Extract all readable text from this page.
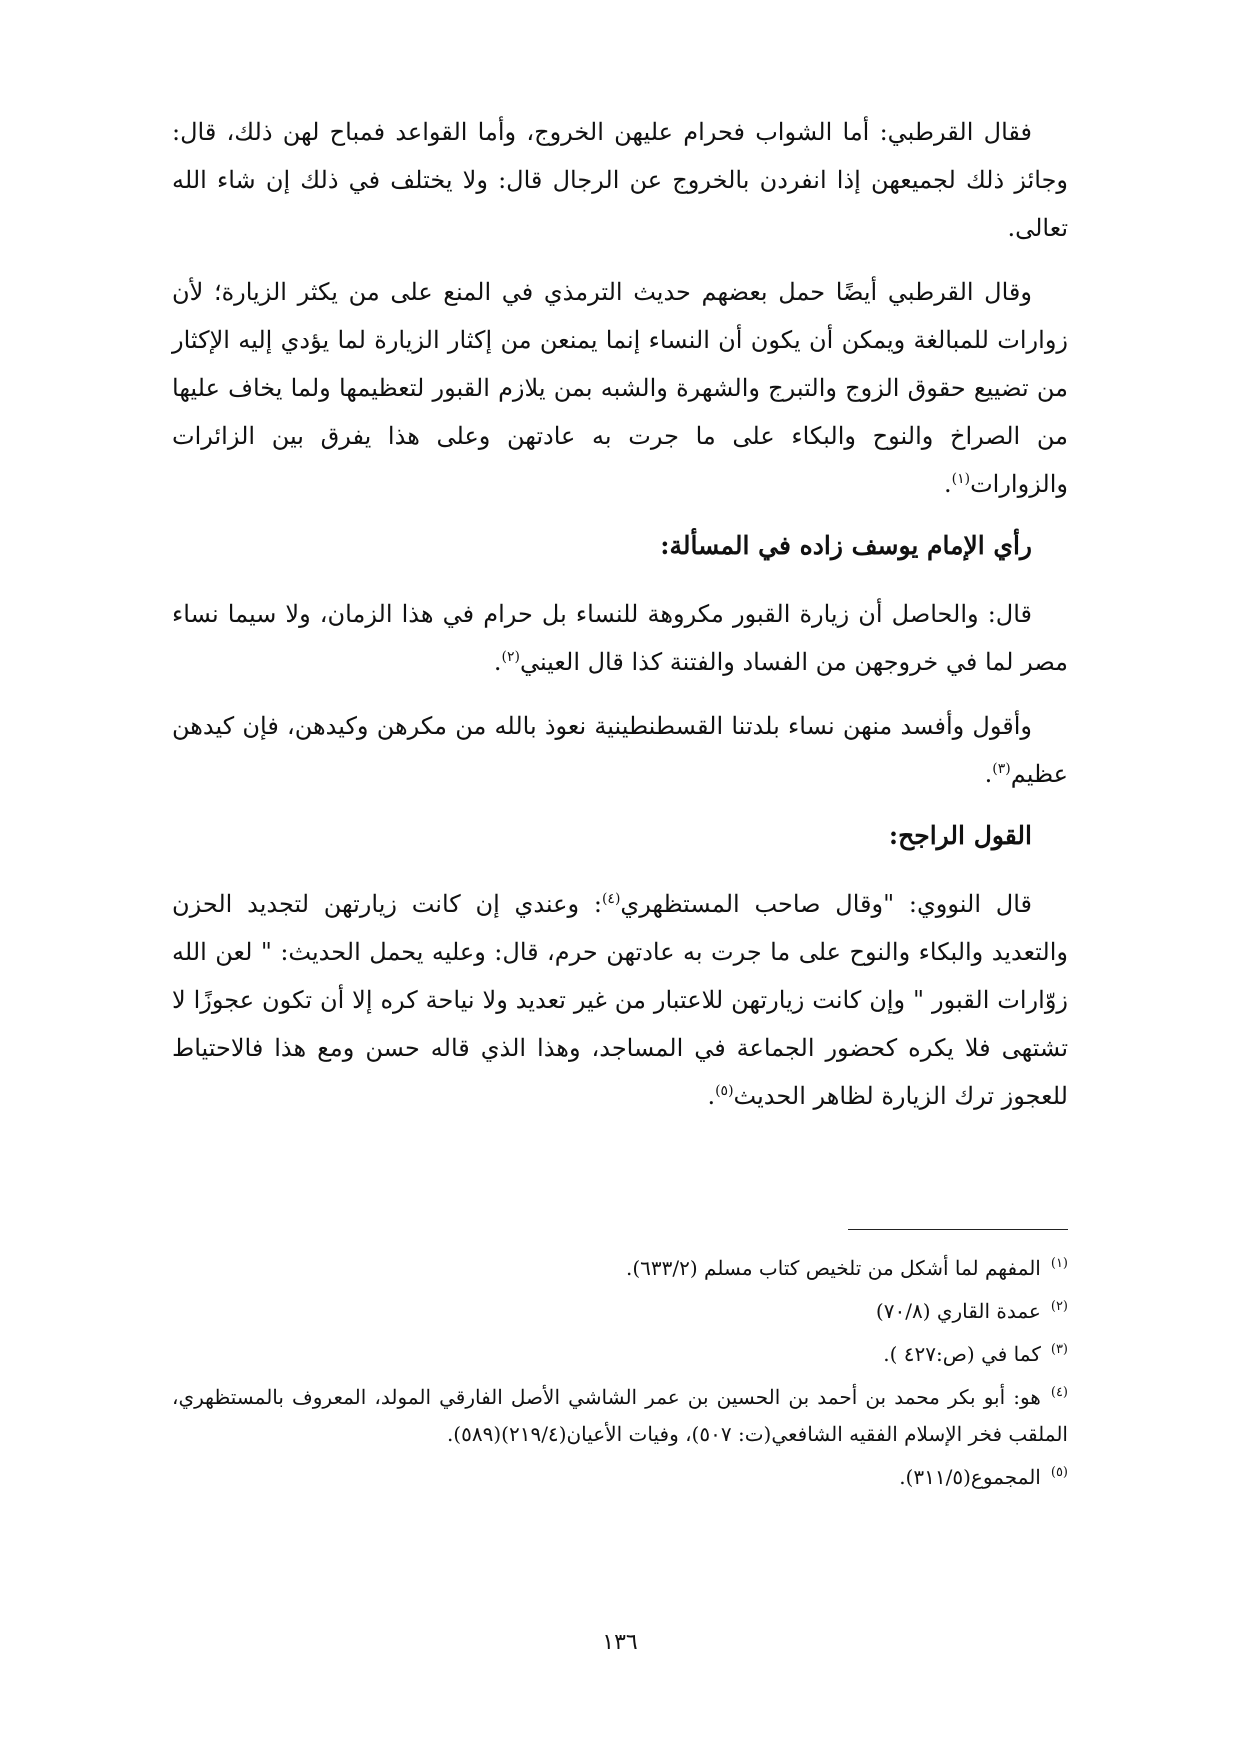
فقال القرطبي: أما الشواب فحرام عليهن الخروج، وأما القواعد فمباح لهن ذلك، قال: وجائز ذلك لجميعهن إذا انفردن بالخروج عن الرجال قال: ولا يختلف في ذلك إن شاء الله تعالى.

وقال القرطبي أيضًا حمل بعضهم حديث الترمذي في المنع على من يكثر الزيارة؛ لأن زوارات للمبالغة ويمكن أن يكون أن النساء إنما يمنعن من إكثار الزيارة لما يؤدي إليه الإكثار من تضييع حقوق الزوج والتبرج والشهرة والشبه بمن يلازم القبور لتعظيمها ولما يخاف عليها من الصراخ والنوح والبكاء على ما جرت به عادتهن وعلى هذا يفرق بين الزائرات والزوارات$^{(١)}$.

رأي الإمام يوسف زاده في المسألة:

قال: والحاصل أن زيارة القبور مكروهة للنساء بل حرام في هذا الزمان، ولا سيما نساء مصر لما في خروجهن من الفساد والفتنة كذا قال العيني$^{(٢)}$.

وأقول وأفسد منهن نساء بلدتنا القسطنطينية نعوذ بالله من مكرهن وكيدهن، فإن كيدهن عظيم$^{(٣)}$.

القول الراجح:

قال النووي: "وقال صاحب المستظهري$^{(٤)}$: وعندي إن كانت زيارتهن لتجديد الحزن والتعديد والبكاء والنوح على ما جرت به عادتهن حرم، قال: وعليه يحمل الحديث: " لعن الله زوّارات القبور " وإن كانت زيارتهن للاعتبار من غير تعديد ولا نياحة كره إلا أن تكون عجوزًا لا تشتهى فلا يكره كحضور الجماعة في المساجد، وهذا الذي قاله حسن ومع هذا فالاحتياط للعجوز ترك الزيارة لظاهر الحديث$^{(٥)}$.

$^{(١)}$المفهم لما أشكل من تلخيص كتاب مسلم (٦٣٣/٢).

$^{(٢)}$عمدة القاري (٧٠/٨)

$^{(٣)}$كما في (ص:٤٢٧ ).

$^{(٤)}$هو: أبو بكر محمد بن أحمد بن الحسين بن عمر الشاشي الأصل الفارقي المولد، المعروف بالمستظهري، الملقب فخر الإسلام الفقيه الشافعي(ت: ٥٠٧)، وفيات الأعيان(٢١٩/٤)(٥٨٩).

$^{(٥)}$المجموع(٣١١/٥).

١٣٦
